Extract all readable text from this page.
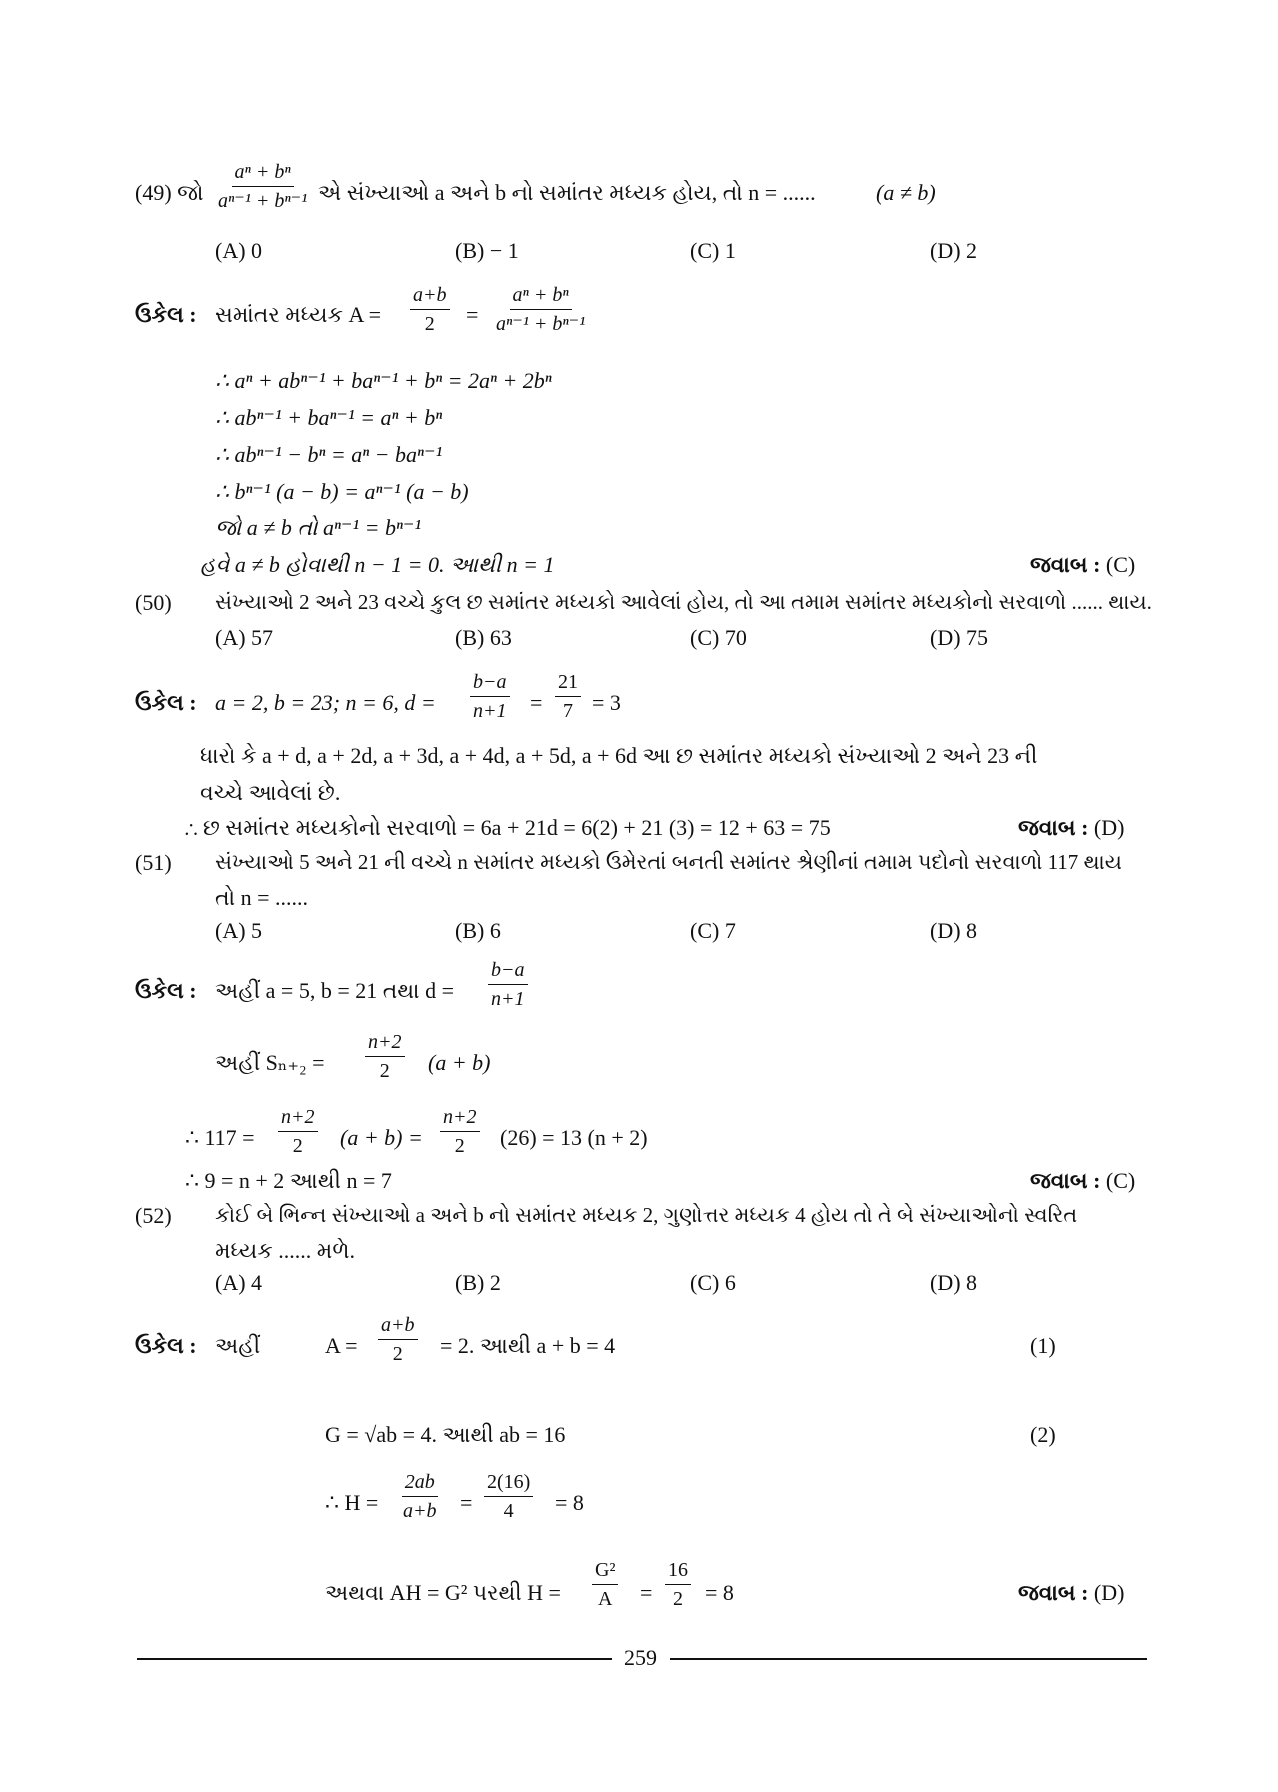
(49) જો $\frac{\text{aⁿ + bⁿ}}{\text{aⁿ⁻¹ + bⁿ⁻¹}}$ એ સંખ્યાઓ a અને b નો સમાંતર મધ્યક હોય, તો n = ......	(a ≠ b)
(A) 0	(B) − 1	(C) 1	(D) 2
ઉકેલ : સમાંતર મધ્યક $A = \frac{a+b}{2} = \frac{\text{aⁿ + bⁿ}}{\text{aⁿ⁻¹ + bⁿ⁻¹}}$
∴ aⁿ + abⁿ⁻¹ + baⁿ⁻¹ + bⁿ = 2aⁿ + 2bⁿ
∴ abⁿ⁻¹ + baⁿ⁻¹ = aⁿ + bⁿ
∴ abⁿ⁻¹ − bⁿ = aⁿ − baⁿ⁻¹
∴ bⁿ⁻¹ (a − b) = aⁿ⁻¹ (a − b)
જો a ≠ b તો aⁿ⁻¹ = bⁿ⁻¹
હવે a ≠ b હોવાથી n − 1 = 0. આથી n = 1	જવાબ : (C)
(50) સંખ્યાઓ 2 અને 23 વચ્ચે કુલ છ સમાંતર મધ્યકો આવેલાં હોય, તો આ તમામ સમાંતર મધ્યકોનો સરવાળો ...... થાય.
(A) 57	(B) 63	(C) 70	(D) 75
ઉકેલ : a = 2, b = 23; n = 6, $d = \frac{b-a}{n+1} = \frac{21}{7} = 3$
ધારો કે a + d, a + 2d, a + 3d, a + 4d, a + 5d, a + 6d આ છ સમાંતર મધ્યકો સંખ્યાઓ 2 અને 23 ની
વચ્ચે આવેલાં છે.
∴ છ સમાંતર મધ્યકોનો સરવાળો = 6a + 21d = 6(2) + 21 (3) = 12 + 63 = 75	જવાબ : (D)
(51) સંખ્યાઓ 5 અને 21 ની વચ્ચે n સમાંતર મધ્યકો ઉમેરતાં બનતી સમાંતર શ્રેણીનાં તમામ પદોનો સરવાળો 117 થાય
તો n = ......
(A) 5	(B) 6	(C) 7	(D) 8
ઉકેલ : અહીં a = 5, b = 21 તથા $d = \frac{b-a}{n+1}$
અહીં $S_{n+2} = \frac{n+2}{2} (a + b)$
∴ $117 = \frac{n+2}{2} (a + b) = \frac{n+2}{2} (26) = 13$ (n + 2)
∴ 9 = n + 2 આથી n = 7	જવાબ : (C)
(52) કોઈ બે ભિન્ન સંખ્યાઓ a અને b નો સમાંતર મધ્યક 2, ગુણોત્તર મધ્યક 4 હોય તો તે બે સંખ્યાઓનો સ્વરિત
મધ્યક ...... મળે.
(A) 4	(B) 2	(C) 6	(D) 8
ઉકેલ : અહીં	$A = \frac{a+b}{2} = 2$. આથી a + b = 4	(1)
G = √ab = 4. આથી ab = 16	(2)
∴ $H = \frac{2ab}{a+b} = \frac{2(16)}{4} = 8$
અથવા AH = G² પરથી $H = \frac{\text{G²}}{A} = \frac{16}{2} = 8$	જવાબ : (D)
259
